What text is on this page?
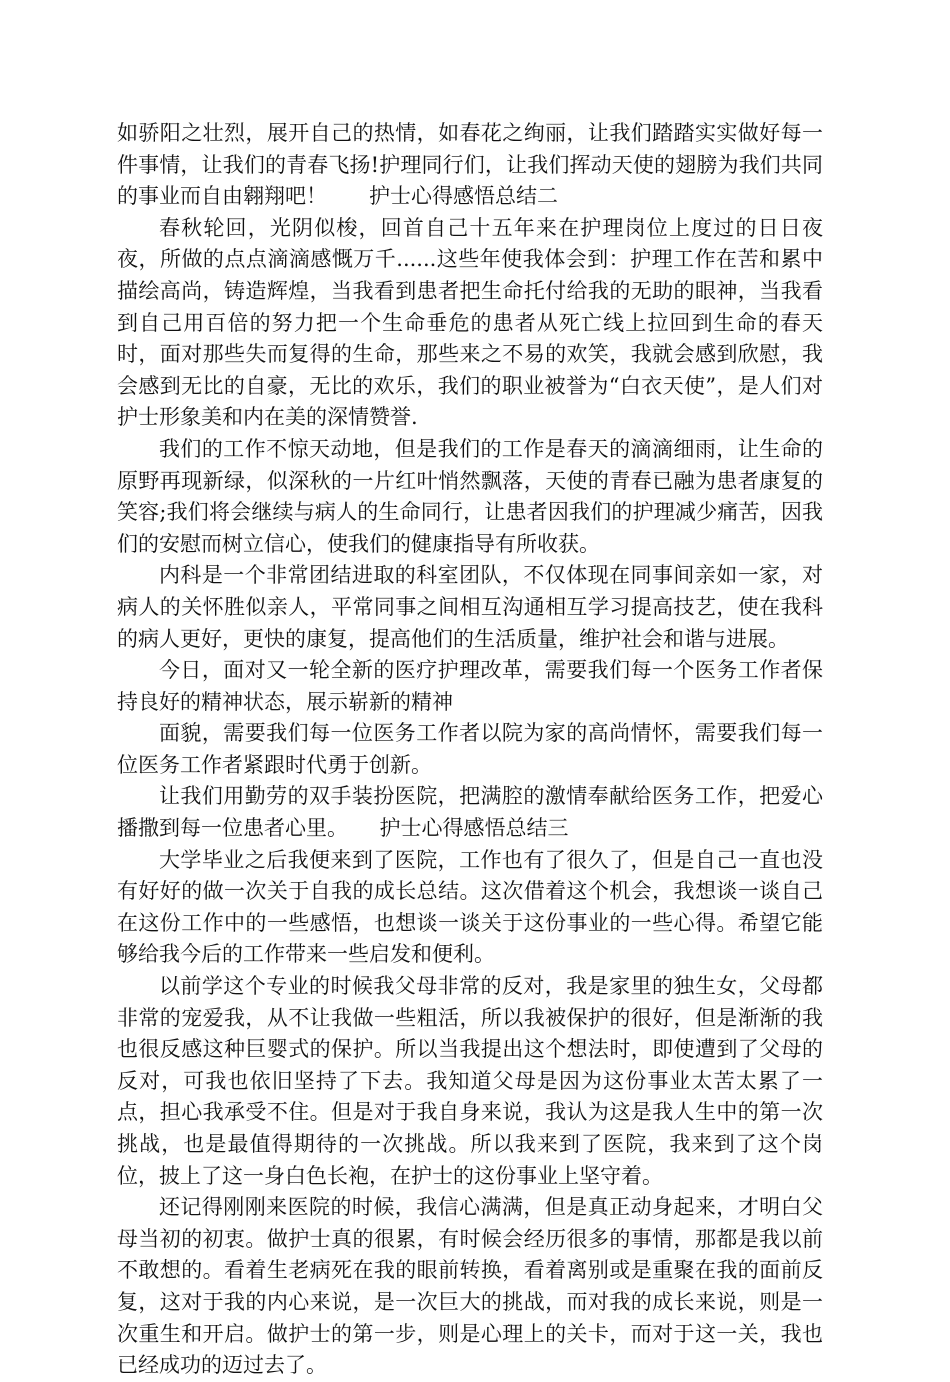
如骄阳之壮烈，展开自己的热情，如春花之绚丽，让我们踏踏实实做好每一件事情，让我们的青春飞扬!护理同行们，让我们挥动天使的翅膀为我们共同的事业而自由翱翔吧！　　护士心得感悟总结二

春秋轮回，光阴似梭，回首自己十五年来在护理岗位上度过的日日夜夜，所做的点点滴滴感慨万千......这些年使我体会到：护理工作在苦和累中描绘高尚，铸造辉煌，当我看到患者把生命托付给我的无助的眼神，当我看到自己用百倍的努力把一个生命垂危的患者从死亡线上拉回到生命的春天时，面对那些失而复得的生命，那些来之不易的欢笑，我就会感到欣慰，我会感到无比的自豪，无比的欢乐，我们的职业被誉为“白衣天使”，是人们对护士形象美和内在美的深情赞誉.

我们的工作不惊天动地，但是我们的工作是春天的滴滴细雨，让生命的原野再现新绿，似深秋的一片红叶悄然飘落，天使的青春已融为患者康复的笑容;我们将会继续与病人的生命同行，让患者因我们的护理减少痛苦，因我们的安慰而树立信心，使我们的健康指导有所收获。

内科是一个非常团结进取的科室团队，不仅体现在同事间亲如一家，对病人的关怀胜似亲人，平常同事之间相互沟通相互学习提高技艺，使在我科的病人更好，更快的康复，提高他们的生活质量，维护社会和谐与进展。

今日，面对又一轮全新的医疗护理改革，需要我们每一个医务工作者保持良好的精神状态，展示崭新的精神

面貌，需要我们每一位医务工作者以院为家的高尚情怀，需要我们每一位医务工作者紧跟时代勇于创新。

让我们用勤劳的双手装扮医院，把满腔的激情奉献给医务工作，把爱心播撒到每一位患者心里。　　护士心得感悟总结三

大学毕业之后我便来到了医院，工作也有了很久了，但是自己一直也没有好好的做一次关于自我的成长总结。这次借着这个机会，我想谈一谈自己在这份工作中的一些感悟，也想谈一谈关于这份事业的一些心得。希望它能够给我今后的工作带来一些启发和便利。

以前学这个专业的时候我父母非常的反对，我是家里的独生女，父母都非常的宠爱我，从不让我做一些粗活，所以我被保护的很好，但是渐渐的我也很反感这种巨婴式的保护。所以当我提出这个想法时，即使遭到了父母的反对，可我也依旧坚持了下去。我知道父母是因为这份事业太苦太累了一点，担心我承受不住。但是对于我自身来说，我认为这是我人生中的第一次挑战，也是最值得期待的一次挑战。所以我来到了医院，我来到了这个岗位，披上了这一身白色长袍，在护士的这份事业上坚守着。

还记得刚刚来医院的时候，我信心满满，但是真正动身起来，才明白父母当初的初衷。做护士真的很累，有时候会经历很多的事情，那都是我以前不敢想的。看着生老病死在我的眼前转换，看着离别或是重聚在我的面前反复，这对于我的内心来说，是一次巨大的挑战，而对我的成长来说，则是一次重生和开启。做护士的第一步，则是心理上的关卡，而对于这一关，我也已经成功的迈过去了。
